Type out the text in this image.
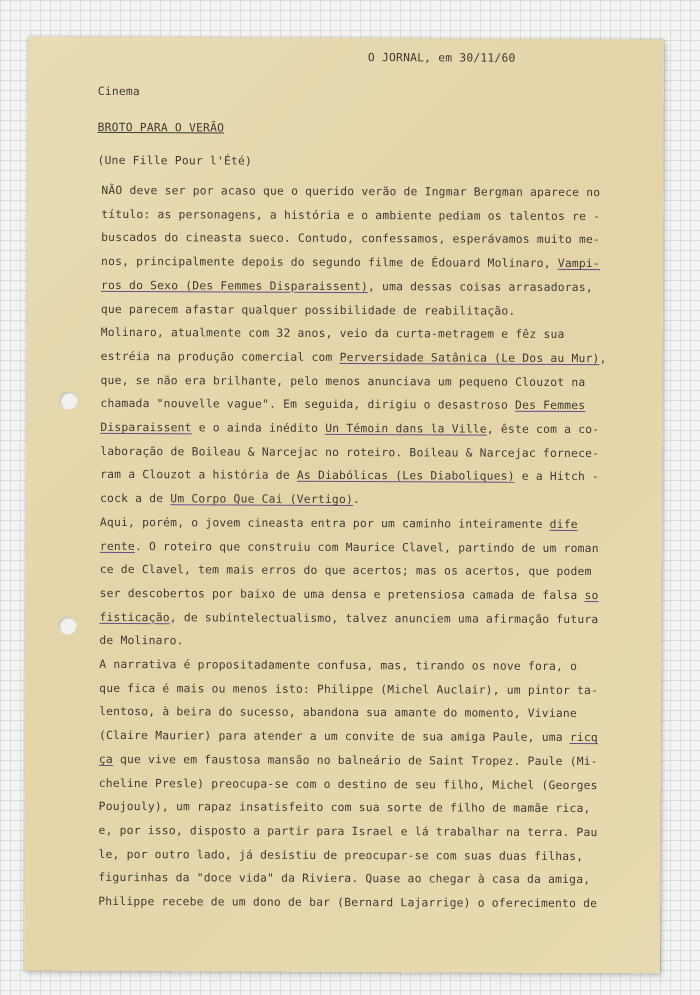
O JORNAL, em 30/11/60
Cinema
BROTO PARA O VERÃO
(Une Fille Pour l'Été)
NÃO deve ser por acaso que o querido verão de Ingmar Bergman aparece no
título: as personagens, a história e o ambiente pediam os talentos re -
buscados do cineasta sueco. Contudo, confessamos, esperávamos muito me-
nos, principalmente depois do segundo filme de Édouard Molinaro, Vampi-
ros do Sexo (Des Femmes Disparaissent), uma dessas coisas arrasadoras,
que parecem afastar qualquer possibilidade de reabilitação.
Molinaro, atualmente com 32 anos, veio da curta-metragem e fêz sua
estréia na produção comercial com Perversidade Satânica (Le Dos au Mur),
que, se não era brilhante, pelo menos anunciava um pequeno Clouzot na
chamada "nouvelle vague". Em seguida, dirigiu o desastroso Des Femmes
Disparaissent e o ainda inédito Un Témoin dans la Ville, êste com a co-
laboração de Boileau & Narcejac no roteiro. Boileau & Narcejac fornece-
ram a Clouzot a história de As Diabólicas (Les Diaboliques) e a Hitch -
cock a de Um Corpo Que Cai (Vertigo).
Aqui, porém, o jovem cineasta entra por um caminho inteiramente dife
rente. O roteiro que construiu com Maurice Clavel, partindo de um roman
ce de Clavel, tem mais erros do que acertos; mas os acertos, que podem
ser descobertos por baixo de uma densa e pretensiosa camada de falsa so
fisticação, de subintelectualismo, talvez anunciem uma afirmação futura
de Molinaro.
A narrativa é propositadamente confusa, mas, tirando os nove fora, o
que fica é mais ou menos isto: Philippe (Michel Auclair), um pintor ta-
lentoso, à beira do sucesso, abandona sua amante do momento, Viviane
(Claire Maurier) para atender a um convite de sua amiga Paule, uma ricq
ça que vive em faustosa mansão no balneário de Saint Tropez. Paule (Mi-
cheline Presle) preocupa-se com o destino de seu filho, Michel (Georges
Poujouly), um rapaz insatisfeito com sua sorte de filho de mamãe rica,
e, por isso, disposto a partir para Israel e lá trabalhar na terra. Pau
le, por outro lado, já desistiu de preocupar-se com suas duas filhas,
figurinhas da "doce vida" da Riviera. Quase ao chegar à casa da amiga,
Philippe recebe de um dono de bar (Bernard Lajarrige) o oferecimento de
